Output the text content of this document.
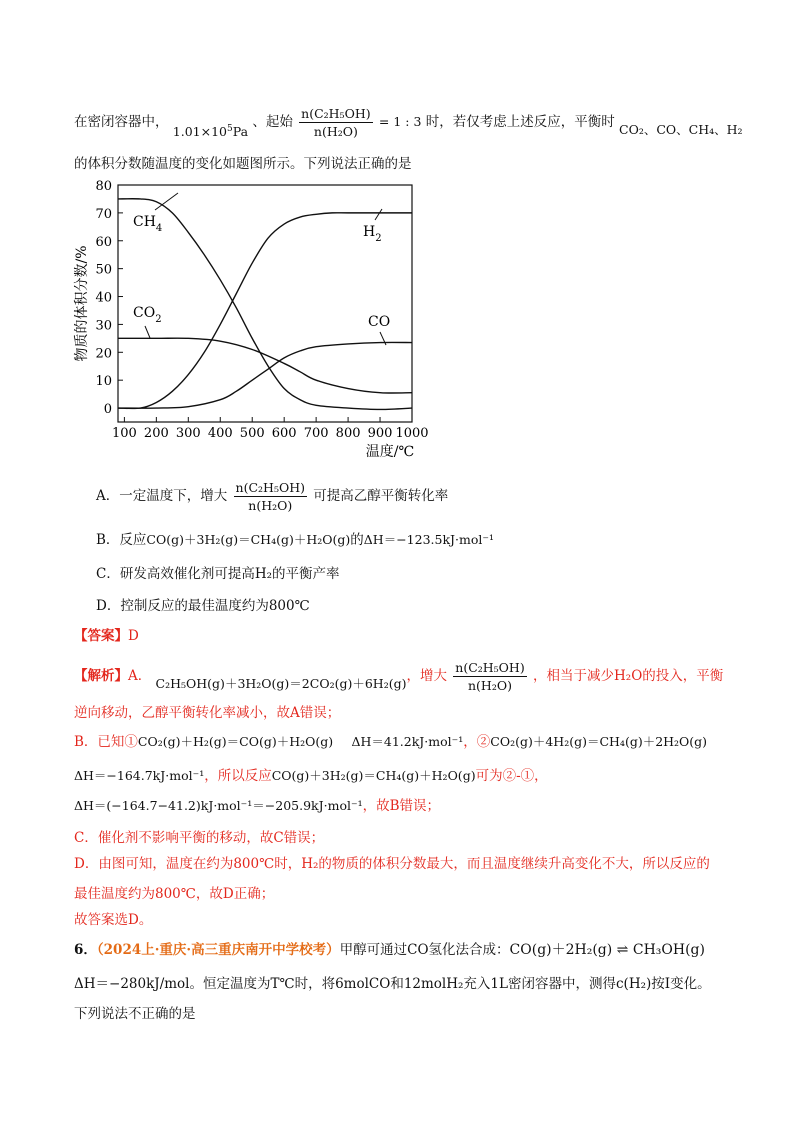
在密闭容器中， $1.01\times 10^5Pa$ 、起始 $\frac{\text{n(C₂H₅OH)}}{\text{n(H₂O)}} = 1$ : 3 时，若仅考虑上述反应，平衡时 CO₂、CO、CH₄、H₂
的体积分数随温度的变化如题图所示。下列说法正确的是
100 200 300 400 500 600 700 800 900 1000
0
10
20
30
40
50
60
70
80
温度/℃
物质的体积分数/%
$CH_4$	$H_2$
$CO_2$	CO
A．一定温度下，增大 $\frac{\text{n(C₂H₅OH)}}{\text{n(H₂O)}}$ 可提高乙醇平衡转化率
B．反应CO(g)＋3H₂(g)＝CH₄(g)＋H₂O(g)的ΔH＝−123.5kJ·mol⁻¹
C．研发高效催化剂可提高H₂的平衡产率
D．控制反应的最佳温度约为800℃
【答案】D
【解析】A． C₂H₅OH(g)＋3H₂O(g)＝2CO₂(g)＋6H₂(g)，增大 $\frac{\text{n(C₂H₅OH)}}{\text{n(H₂O)}}$ ，相当于减少H₂O的投入，平衡
逆向移动，乙醇平衡转化率减小，故A错误；
B．已知①CO₂(g)＋H₂(g)＝CO(g)＋H₂O(g) ΔH＝41.2kJ·mol⁻¹，②CO₂(g)＋4H₂(g)＝CH₄(g)＋2H₂O(g)
ΔH＝−164.7kJ·mol⁻¹，所以反应CO(g)＋3H₂(g)＝CH₄(g)＋H₂O(g)可为②-①，
ΔH＝(−164.7−41.2)kJ·mol⁻¹＝−205.9kJ·mol⁻¹，故B错误；
C．催化剂不影响平衡的移动，故C错误；
D．由图可知，温度在约为800℃时，H₂的物质的体积分数最大，而且温度继续升高变化不大，所以反应的
最佳温度约为800℃，故D正确；
故答案选D。
6．（2024上·重庆·高三重庆南开中学校考）甲醇可通过CO氢化法合成：CO(g)＋2H₂(g) ⇌ CH₃OH(g)
ΔH＝−280kJ/mol。恒定温度为T℃时，将6molCO和12molH₂充入1L密闭容器中，测得c(H₂)按I变化。
下列说法不正确的是
